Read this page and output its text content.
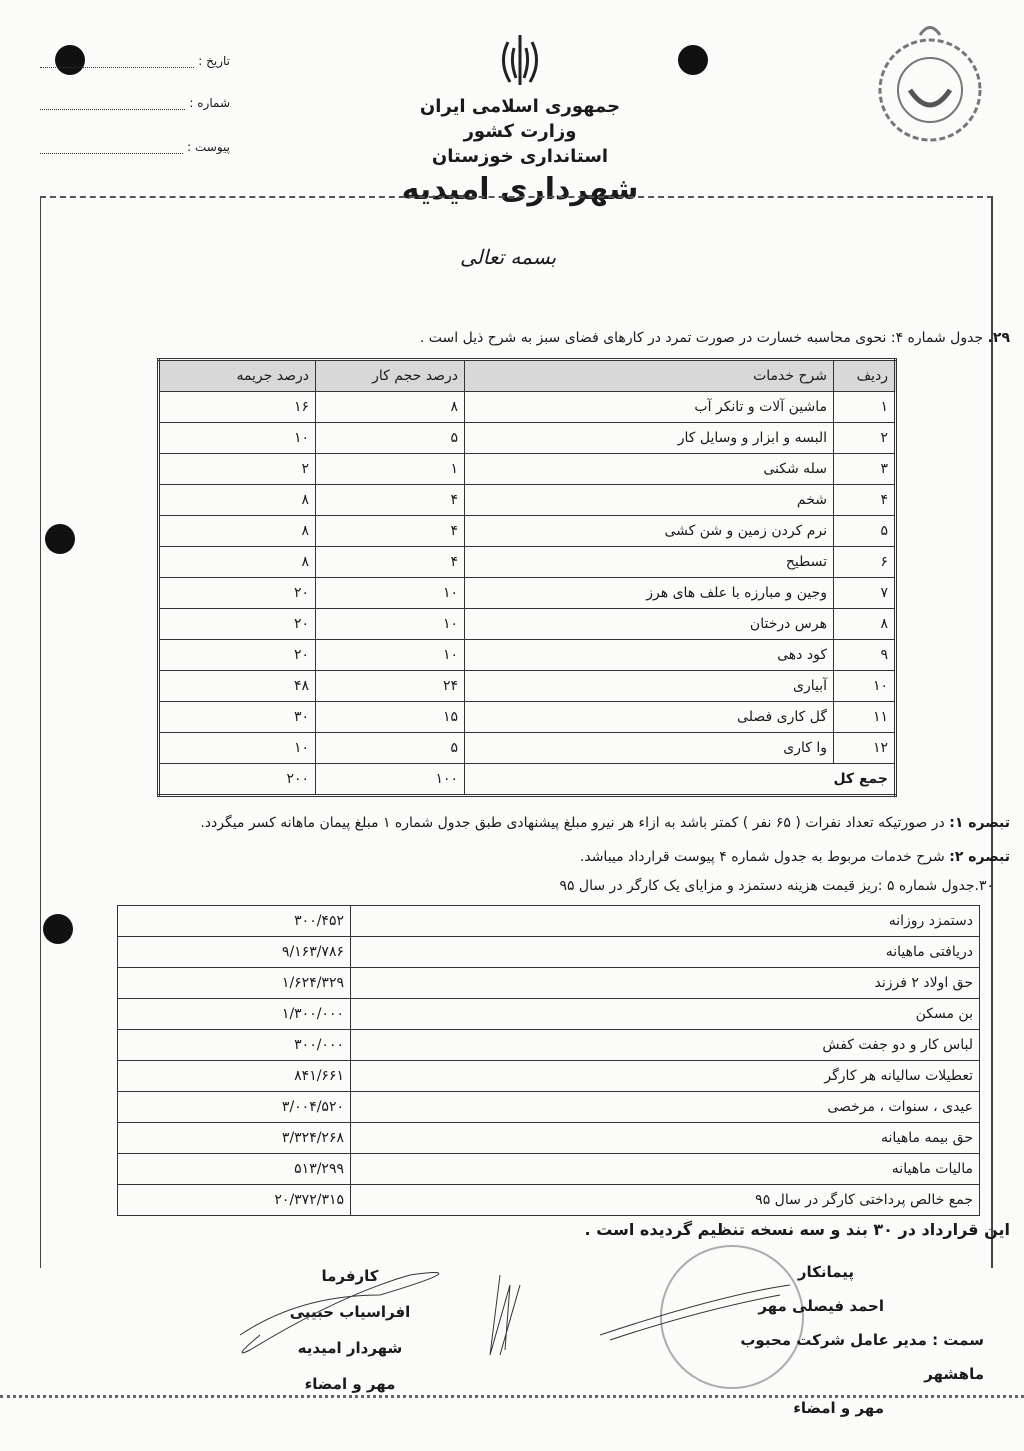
تاریخ :
شماره :
پیوست :
جمهوری اسلامی ایران
وزارت کشور
استانداری خوزستان
شهرداری امیدیه
بسمه تعالی
۲۹. جدول شماره ۴: نحوی محاسبه خسارت در صورت تمرد در کارهای فضای سبز به شرح ذیل است .
ردیف	شرح خدمات	درصد حجم کار	درصد جریمه
۱	ماشین آلات و تانکر آب	۸	۱۶
۲	البسه و ابزار و وسایل کار	۵	۱۰
۳	سله شکنی	۱	۲
۴	شخم	۴	۸
۵	نرم کردن زمین و شن کشی	۴	۸
۶	تسطیح	۴	۸
۷	وجین و مبارزه با علف های هرز	۱۰	۲۰
۸	هرس درختان	۱۰	۲۰
۹	کود دهی	۱۰	۲۰
۱۰	آبیاری	۲۴	۴۸
۱۱	گل کاری فصلی	۱۵	۳۰
۱۲	وا کاری	۵	۱۰
جمع کل		۱۰۰	۲۰۰
تبصره ۱: در صورتیکه تعداد نفرات ( ۶۵ نفر ) کمتر باشد به ازاء هر نیرو مبلغ پیشنهادی طبق جدول شماره ۱ مبلغ پیمان ماهانه کسر میگردد.
تبصره ۲: شرح خدمات مربوط به جدول شماره ۴ پیوست قرارداد میباشد.
۳۰.جدول شماره ۵ :ریز قیمت هزینه دستمزد و مزایای یک کارگر در سال ۹۵
دستمزد روزانه	۳۰۰/۴۵۲
دریافتی ماهیانه	۹/۱۶۳/۷۸۶
حق اولاد ۲ فرزند	۱/۶۲۴/۳۲۹
بن مسکن	۱/۳۰۰/۰۰۰
لباس کار و دو جفت کفش	۳۰۰/۰۰۰
تعطیلات سالیانه هر کارگر	۸۴۱/۶۶۱
عیدی ، سنوات ، مرخصی	۳/۰۰۴/۵۲۰
حق بیمه ماهیانه	۳/۳۲۴/۲۶۸
مالیات ماهیانه	۵۱۳/۲۹۹
جمع خالص پرداختی کارگر در سال ۹۵	۲۰/۳۷۲/۳۱۵
این قرارداد در ۳۰ بند و سه نسخه تنظیم گردیده است .
پیمانکار
احمد فیصلی مهر
سمت : مدیر عامل شرکت محبوب ماهشهر
مهر و امضاء
کارفرما
افراسیاب حبیبی
شهردار امیدیه
مهر و امضاء
